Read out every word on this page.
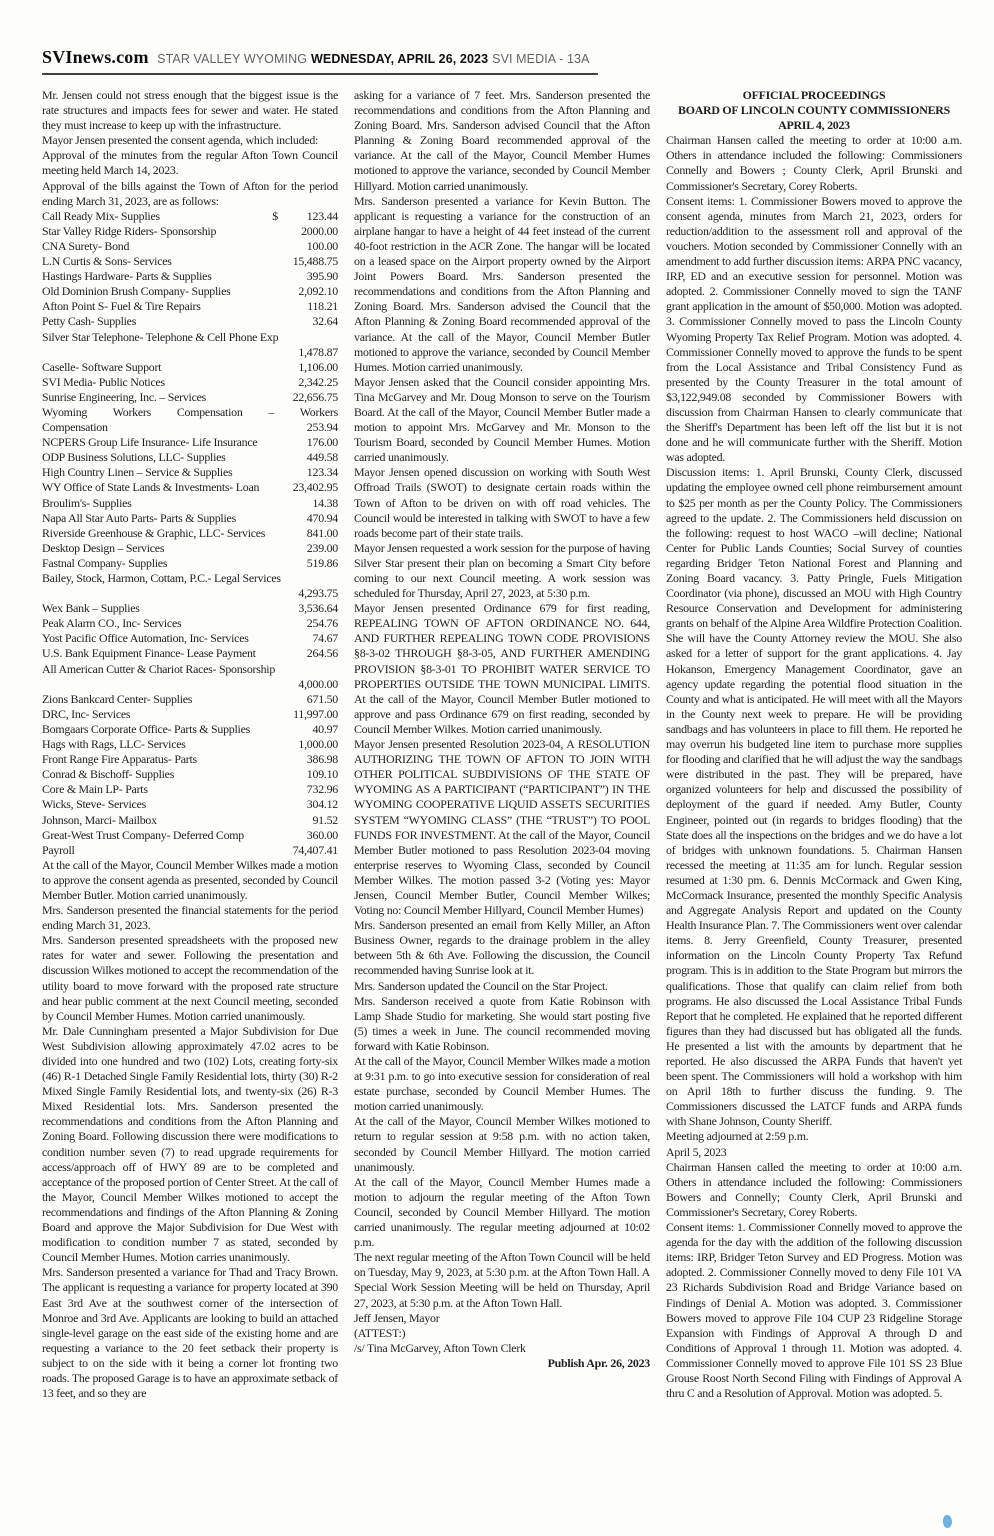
SVInews.com STAR VALLEY WYOMING WEDNESDAY, APRIL 26, 2023 SVI MEDIA - 13A
Mr. Jensen could not stress enough that the biggest issue is the rate structures and impacts fees for sewer and water. He stated they must increase to keep up with the infrastructure.
Mayor Jensen presented the consent agenda, which included:
Approval of the minutes from the regular Afton Town Council meeting held March 14, 2023.
Approval of the bills against the Town of Afton for the period ending March 31, 2023, are as follows:
Call Ready Mix- Supplies	$	123.44
Star Valley Ridge Riders- Sponsorship	2000.00
CNA Surety- Bond	100.00
L.N Curtis & Sons- Services	15,488.75
Hastings Hardware- Parts & Supplies	395.90
Old Dominion Brush Company- Supplies	2,092.10
Afton Point S- Fuel & Tire Repairs	118.21
Petty Cash- Supplies	32.64
Silver Star Telephone- Telephone & Cell Phone Exp
1,478.87
Caselle- Software Support	1,106.00
SVI Media- Public Notices	2,342.25
Sunrise Engineering, Inc. – Services	22,656.75
Wyoming Workers Compensation – Workers
Compensation	253.94
NCPERS Group Life Insurance- Life Insurance	176.00
ODP Business Solutions, LLC- Supplies	449.58
High Country Linen – Service & Supplies	123.34
WY Office of State Lands & Investments- Loan	23,402.95
Broulim's- Supplies	14.38
Napa All Star Auto Parts- Parts & Supplies	470.94
Riverside Greenhouse & Graphic, LLC- Services	841.00
Desktop Design – Services	239.00
Fastnal Company- Supplies	519.86
Bailey, Stock, Harmon, Cottam, P.C.- Legal Services
4,293.75
Wex Bank – Supplies	3,536.64
Peak Alarm CO., Inc- Services	254.76
Yost Pacific Office Automation, Inc- Services	74.67
U.S. Bank Equipment Finance- Lease Payment	264.56
All American Cutter & Chariot Races- Sponsorship
4,000.00
Zions Bankcard Center- Supplies	671.50
DRC, Inc- Services	11,997.00
Bomgaars Corporate Office- Parts & Supplies	40.97
Hags with Rags, LLC- Services	1,000.00
Front Range Fire Apparatus- Parts	386.98
Conrad & Bischoff- Supplies	109.10
Core & Main LP- Parts	732.96
Wicks, Steve- Services	304.12
Johnson, Marci- Mailbox	91.52
Great-West Trust Company- Deferred Comp	360.00
Payroll	74,407.41
At the call of the Mayor, Council Member Wilkes made a motion to approve the consent agenda as presented, seconded by Council Member Butler. Motion carried unanimously.
Mrs. Sanderson presented the financial statements for the period ending March 31, 2023.
Mrs. Sanderson presented spreadsheets with the proposed new rates for water and sewer. Following the presentation and discussion Wilkes motioned to accept the recommendation of the utility board to move forward with the proposed rate structure and hear public comment at the next Council meeting, seconded by Council Member Humes. Motion carried unanimously.
Mr. Dale Cunningham presented a Major Subdivision for Due West Subdivision allowing approximately 47.02 acres to be divided into one hundred and two (102) Lots, creating forty-six (46) R-1 Detached Single Family Residential lots, thirty (30) R-2 Mixed Single Family Residential lots, and twenty-six (26) R-3 Mixed Residential lots. Mrs. Sanderson presented the recommendations and conditions from the Afton Planning and Zoning Board. Following discussion there were modifications to condition number seven (7) to read upgrade requirements for access/approach off of HWY 89 are to be completed and acceptance of the proposed portion of Center Street. At the call of the Mayor, Council Member Wilkes motioned to accept the recommendations and findings of the Afton Planning & Zoning Board and approve the Major Subdivision for Due West with modification to condition number 7 as stated, seconded by Council Member Humes. Motion carries unanimously.
Mrs. Sanderson presented a variance for Thad and Tracy Brown. The applicant is requesting a variance for property located at 390 East 3rd Ave at the southwest corner of the intersection of Monroe and 3rd Ave. Applicants are looking to build an attached single-level garage on the east side of the existing home and are requesting a variance to the 20 feet setback their property is subject to on the side with it being a corner lot fronting two roads. The proposed Garage is to have an approximate setback of 13 feet, and so they are
asking for a variance of 7 feet. Mrs. Sanderson presented the recommendations and conditions from the Afton Planning and Zoning Board. Mrs. Sanderson advised Council that the Afton Planning & Zoning Board recommended approval of the variance. At the call of the Mayor, Council Member Humes motioned to approve the variance, seconded by Council Member Hillyard. Motion carried unanimously.
Mrs. Sanderson presented a variance for Kevin Button. The applicant is requesting a variance for the construction of an airplane hangar to have a height of 44 feet instead of the current 40-foot restriction in the ACR Zone. The hangar will be located on a leased space on the Airport property owned by the Airport Joint Powers Board. Mrs. Sanderson presented the recommendations and conditions from the Afton Planning and Zoning Board. Mrs. Sanderson advised the Council that the Afton Planning & Zoning Board recommended approval of the variance. At the call of the Mayor, Council Member Butler motioned to approve the variance, seconded by Council Member Humes. Motion carried unanimously.
Mayor Jensen asked that the Council consider appointing Mrs. Tina McGarvey and Mr. Doug Monson to serve on the Tourism Board. At the call of the Mayor, Council Member Butler made a motion to appoint Mrs. McGarvey and Mr. Monson to the Tourism Board, seconded by Council Member Humes. Motion carried unanimously.
Mayor Jensen opened discussion on working with South West Offroad Trails (SWOT) to designate certain roads within the Town of Afton to be driven on with off road vehicles. The Council would be interested in talking with SWOT to have a few roads become part of their state trails.
Mayor Jensen requested a work session for the purpose of having Silver Star present their plan on becoming a Smart City before coming to our next Council meeting. A work session was scheduled for Thursday, April 27, 2023, at 5:30 p.m.
Mayor Jensen presented Ordinance 679 for first reading, REPEALING TOWN OF AFTON ORDINANCE NO. 644, AND FURTHER REPEALING TOWN CODE PROVISIONS §8-3-02 THROUGH §8-3-05, AND FURTHER AMENDING PROVISION §8-3-01 TO PROHIBIT WATER SERVICE TO PROPERTIES OUTSIDE THE TOWN MUNICIPAL LIMITS. At the call of the Mayor, Council Member Butler motioned to approve and pass Ordinance 679 on first reading, seconded by Council Member Wilkes. Motion carried unanimously.
Mayor Jensen presented Resolution 2023-04, A RESOLUTION AUTHORIZING THE TOWN OF AFTON TO JOIN WITH OTHER POLITICAL SUBDIVISIONS OF THE STATE OF WYOMING AS A PARTICIPANT (“PARTICIPANT”) IN THE WYOMING COOPERATIVE LIQUID ASSETS SECURITIES SYSTEM “WYOMING CLASS” (THE “TRUST”) TO POOL FUNDS FOR INVESTMENT. At the call of the Mayor, Council Member Butler motioned to pass Resolution 2023-04 moving enterprise reserves to Wyoming Class, seconded by Council Member Wilkes. The motion passed 3-2 (Voting yes: Mayor Jensen, Council Member Butler, Council Member Wilkes; Voting no: Council Member Hillyard, Council Member Humes)
Mrs. Sanderson presented an email from Kelly Miller, an Afton Business Owner, regards to the drainage problem in the alley between 5th & 6th Ave. Following the discussion, the Council recommended having Sunrise look at it.
Mrs. Sanderson updated the Council on the Star Project.
Mrs. Sanderson received a quote from Katie Robinson with Lamp Shade Studio for marketing. She would start posting five (5) times a week in June. The council recommended moving forward with Katie Robinson.
At the call of the Mayor, Council Member Wilkes made a motion at 9:31 p.m. to go into executive session for consideration of real estate purchase, seconded by Council Member Humes. The motion carried unanimously.
At the call of the Mayor, Council Member Wilkes motioned to return to regular session at 9:58 p.m. with no action taken, seconded by Council Member Hillyard. The motion carried unanimously.
At the call of the Mayor, Council Member Humes made a motion to adjourn the regular meeting of the Afton Town Council, seconded by Council Member Hillyard. The motion carried unanimously. The regular meeting adjourned at 10:02 p.m.
The next regular meeting of the Afton Town Council will be held on Tuesday, May 9, 2023, at 5:30 p.m. at the Afton Town Hall. A Special Work Session Meeting will be held on Thursday, April 27, 2023, at 5:30 p.m. at the Afton Town Hall.
Jeff Jensen, Mayor
(ATTEST:)
/s/ Tina McGarvey, Afton Town Clerk
Publish Apr. 26, 2023
OFFICIAL PROCEEDINGS
BOARD OF LINCOLN COUNTY COMMISSIONERS
APRIL 4, 2023
Chairman Hansen called the meeting to order at 10:00 a.m. Others in attendance included the following: Commissioners Connelly and Bowers ; County Clerk, April Brunski and Commissioner's Secretary, Corey Roberts.
Consent items: 1. Commissioner Bowers moved to approve the consent agenda, minutes from March 21, 2023, orders for reduction/addition to the assessment roll and approval of the vouchers. Motion seconded by Commissioner Connelly with an amendment to add further discussion items: ARPA PNC vacancy, IRP, ED and an executive session for personnel. Motion was adopted. 2. Commissioner Connelly moved to sign the TANF grant application in the amount of $50,000. Motion was adopted. 3. Commissioner Connelly moved to pass the Lincoln County Wyoming Property Tax Relief Program. Motion was adopted. 4. Commissioner Connelly moved to approve the funds to be spent from the Local Assistance and Tribal Consistency Fund as presented by the County Treasurer in the total amount of $3,122,949.08 seconded by Commissioner Bowers with discussion from Chairman Hansen to clearly communicate that the Sheriff's Department has been left off the list but it is not done and he will communicate further with the Sheriff. Motion was adopted.
Discussion items: 1. April Brunski, County Clerk, discussed updating the employee owned cell phone reimbursement amount to $25 per month as per the County Policy. The Commissioners agreed to the update. 2. The Commissioners held discussion on the following: request to host WACO –will decline; National Center for Public Lands Counties; Social Survey of counties regarding Bridger Teton National Forest and Planning and Zoning Board vacancy. 3. Patty Pringle, Fuels Mitigation Coordinator (via phone), discussed an MOU with High Country Resource Conservation and Development for administering grants on behalf of the Alpine Area Wildfire Protection Coalition. She will have the County Attorney review the MOU. She also asked for a letter of support for the grant applications. 4. Jay Hokanson, Emergency Management Coordinator, gave an agency update regarding the potential flood situation in the County and what is anticipated. He will meet with all the Mayors in the County next week to prepare. He will be providing sandbags and has volunteers in place to fill them. He reported he may overrun his budgeted line item to purchase more supplies for flooding and clarified that he will adjust the way the sandbags were distributed in the past. They will be prepared, have organized volunteers for help and discussed the possibility of deployment of the guard if needed. Amy Butler, County Engineer, pointed out (in regards to bridges flooding) that the State does all the inspections on the bridges and we do have a lot of bridges with unknown foundations. 5. Chairman Hansen recessed the meeting at 11:35 am for lunch. Regular session resumed at 1:30 pm. 6. Dennis McCormack and Gwen King, McCormack Insurance, presented the monthly Specific Analysis and Aggregate Analysis Report and updated on the County Health Insurance Plan. 7. The Commissioners went over calendar items. 8. Jerry Greenfield, County Treasurer, presented information on the Lincoln County Property Tax Refund program. This is in addition to the State Program but mirrors the qualifications. Those that qualify can claim relief from both programs. He also discussed the Local Assistance Tribal Funds Report that he completed. He explained that he reported different figures than they had discussed but has obligated all the funds. He presented a list with the amounts by department that he reported. He also discussed the ARPA Funds that haven't yet been spent. The Commissioners will hold a workshop with him on April 18th to further discuss the funding. 9. The Commissioners discussed the LATCF funds and ARPA funds with Shane Johnson, County Sheriff.
Meeting adjourned at 2:59 p.m.
April 5, 2023
Chairman Hansen called the meeting to order at 10:00 a.m. Others in attendance included the following: Commissioners Bowers and Connelly; County Clerk, April Brunski and Commissioner's Secretary, Corey Roberts.
Consent items: 1. Commissioner Connelly moved to approve the agenda for the day with the addition of the following discussion items: IRP, Bridger Teton Survey and ED Progress. Motion was adopted. 2. Commissioner Connelly moved to deny File 101 VA 23 Richards Subdivision Road and Bridge Variance based on Findings of Denial A. Motion was adopted. 3. Commissioner Bowers moved to approve File 104 CUP 23 Ridgeline Storage Expansion with Findings of Approval A through D and Conditions of Approval 1 through 11. Motion was adopted. 4. Commissioner Connelly moved to approve File 101 SS 23 Blue Grouse Roost North Second Filing with Findings of Approval A thru C and a Resolution of Approval. Motion was adopted. 5.
